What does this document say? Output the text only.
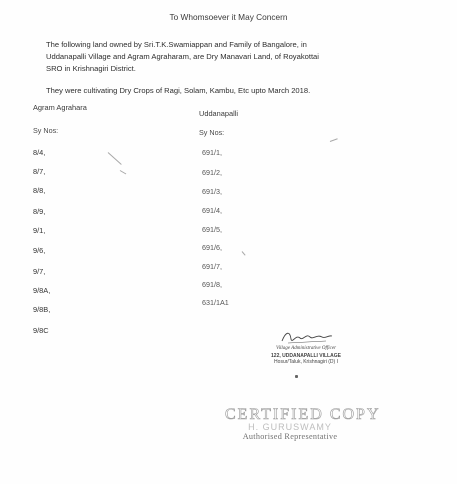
To Whomsoever it May Concern
The following land owned by Sri.T.K.Swamiappan and Family of Bangalore, in
Uddanapalli Village and Agram Agraharam, are Dry Manavari Land, of Royakottai
SRO in Krishnagiri District.
They were cultivating Dry Crops of Ragi, Solam, Kambu, Etc upto March 2018.
Agram Agrahara
Sy Nos:
Uddanapalli
Sy Nos:
8/4,
8/7,
8/8,
8/9,
9/1,
9/6,
9/7,
9/8A,
9/8B,
9/8C
691/1,
691/2,
691/3,
691/4,
691/5,
691/6,
691/7,
691/8,
631/1A1
Village Administrative Officer
122, UDDANAPALLI VILLAGE
Hosur/Taluk, Krishnagiri (D) I
CERTIFIED COPY
H. GURUSWAMY
Authorised Representative
